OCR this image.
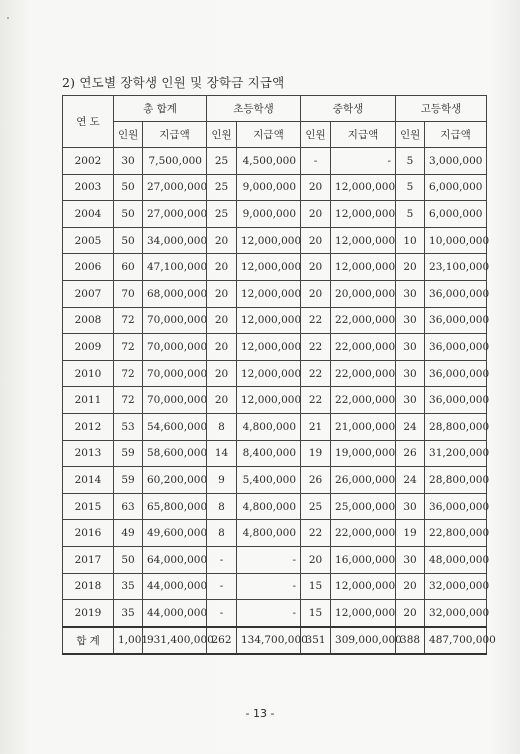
2) 연도별 장학생 인원 및 장학금 지급액
연 도	총 합계		초등학생		중학생		고등학생	
	인원	지급액	인원	지급액	인원	지급액	인원	지급액
2002	30	7,500,000	25	4,500,000	-	-	5	3,000,000
2003	50	27,000,000	25	9,000,000	20	12,000,000	5	6,000,000
2004	50	27,000,000	25	9,000,000	20	12,000,000	5	6,000,000
2005	50	34,000,000	20	12,000,000	20	12,000,000	10	10,000,000
2006	60	47,100,000	20	12,000,000	20	12,000,000	20	23,100,000
2007	70	68,000,000	20	12,000,000	20	20,000,000	30	36,000,000
2008	72	70,000,000	20	12,000,000	22	22,000,000	30	36,000,000
2009	72	70,000,000	20	12,000,000	22	22,000,000	30	36,000,000
2010	72	70,000,000	20	12,000,000	22	22,000,000	30	36,000,000
2011	72	70,000,000	20	12,000,000	22	22,000,000	30	36,000,000
2012	53	54,600,000	8	4,800,000	21	21,000,000	24	28,800,000
2013	59	58,600,000	14	8,400,000	19	19,000,000	26	31,200,000
2014	59	60,200,000	9	5,400,000	26	26,000,000	24	28,800,000
2015	63	65,800,000	8	4,800,000	25	25,000,000	30	36,000,000
2016	49	49,600,000	8	4,800,000	22	22,000,000	19	22,800,000
2017	50	64,000,000	-	-	20	16,000,000	30	48,000,000
2018	35	44,000,000	-	-	15	12,000,000	20	32,000,000
2019	35	44,000,000	-	-	15	12,000,000	20	32,000,000
합 계	1,001	931,400,000	262	134,700,000	351	309,000,000	388	487,700,000
- 13 -
